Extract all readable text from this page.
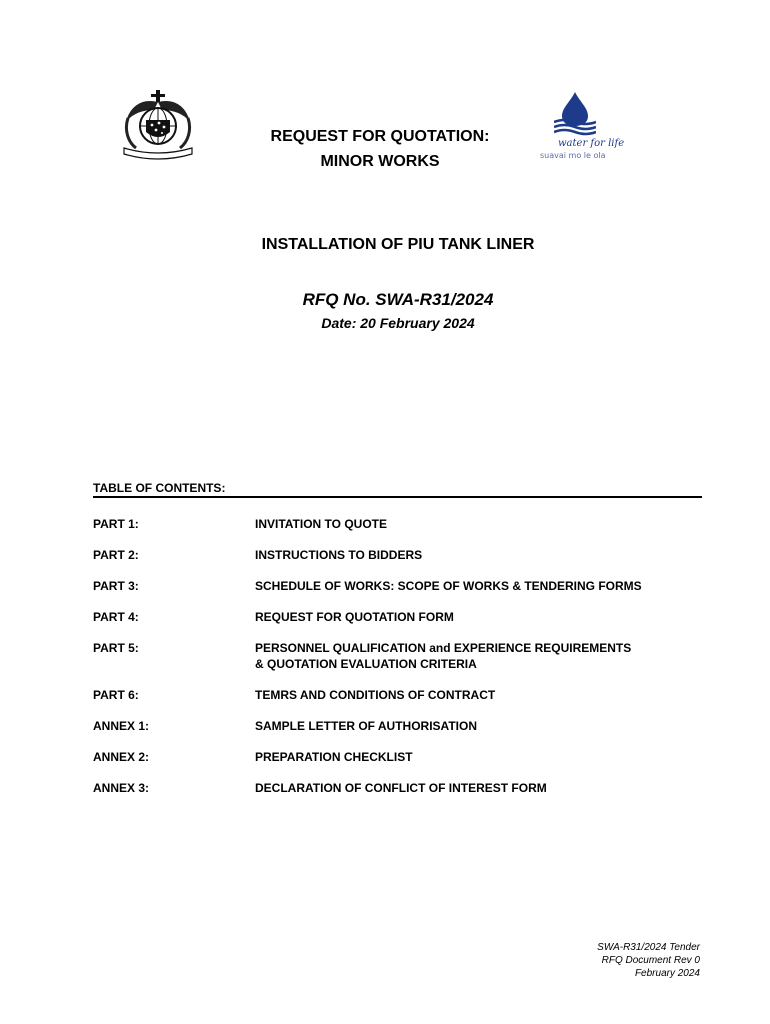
water for life
suavai mo le ola
REQUEST FOR QUOTATION:
MINOR WORKS
INSTALLATION OF PIU TANK LINER
RFQ No. SWA-R31/2024
Date: 20 February 2024
TABLE OF CONTENTS:
PART 1:	INVITATION TO QUOTE
PART 2:	INSTRUCTIONS TO BIDDERS
PART 3:	SCHEDULE OF WORKS: SCOPE OF WORKS & TENDERING FORMS
PART 4:	REQUEST FOR QUOTATION FORM
PART 5:	PERSONNEL QUALIFICATION and EXPERIENCE REQUIREMENTS
& QUOTATION EVALUATION CRITERIA
PART 6:	TEMRS AND CONDITIONS OF CONTRACT
ANNEX 1:	SAMPLE LETTER OF AUTHORISATION
ANNEX 2:	PREPARATION CHECKLIST
ANNEX 3:	DECLARATION OF CONFLICT OF INTEREST FORM
SWA-R31/2024 Tender
RFQ Document Rev 0
February 2024
